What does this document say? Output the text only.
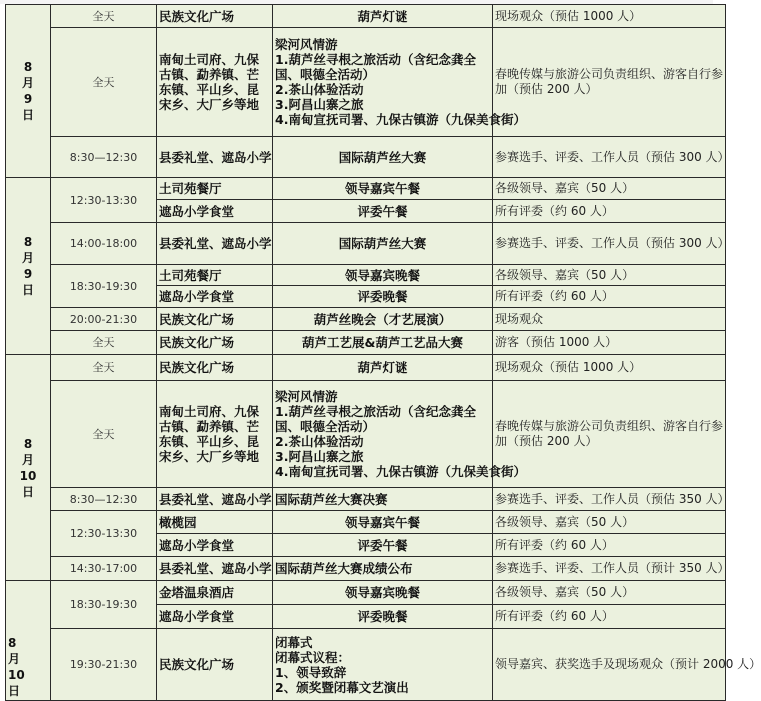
8
月
9
日	全天	民族文化广场	葫芦灯谜	现场观众（预估 1000 人）
	全天	南甸土司府、九保古镇、勐养镇、芒东镇、平山乡、昆宋乡、大厂乡等地	梁河风情游
1.葫芦丝寻根之旅活动（含纪念龚全国、哏德全活动）
2.茶山体验活动
3.阿昌山寨之旅
4.南甸宣抚司署、九保古镇游（九保美食街）	春晚传媒与旅游公司负责组织、游客自行参加（预估 200 人）
	8:30—12:30	县委礼堂、遮岛小学	国际葫芦丝大赛	参赛选手、评委、工作人员（预估 300 人）

8
月
9
日	12:30-13:30	土司苑餐厅	领导嘉宾午餐	各级领导、嘉宾（50 人）
		遮岛小学食堂	评委午餐	所有评委（约 60 人）
	14:00-18:00	县委礼堂、遮岛小学	国际葫芦丝大赛	参赛选手、评委、工作人员（预估 300 人）
	18:30-19:30	土司苑餐厅	领导嘉宾晚餐	各级领导、嘉宾（50 人）
		遮岛小学食堂	评委晚餐	所有评委（约 60 人）
	20:00-21:30	民族文化广场	葫芦丝晚会（才艺展演）	现场观众
	全天	民族文化广场	葫芦工艺展&葫芦工艺品大赛	游客（预估 1000 人）

8
月
10
日	全天	民族文化广场	葫芦灯谜	现场观众（预估 1000 人）
	全天	南甸土司府、九保古镇、勐养镇、芒东镇、平山乡、昆宋乡、大厂乡等地	梁河风情游
1.葫芦丝寻根之旅活动（含纪念龚全国、哏德全活动）
2.茶山体验活动
3.阿昌山寨之旅
4.南甸宣抚司署、九保古镇游（九保美食街）	春晚传媒与旅游公司负责组织、游客自行参加（预估 200 人）
	8:30—12:30	县委礼堂、遮岛小学	国际葫芦丝大赛决赛	参赛选手、评委、工作人员（预估 350 人）
	12:30-13:30	橄榄园	领导嘉宾午餐	各级领导、嘉宾（50 人）
		遮岛小学食堂	评委午餐	所有评委（约 60 人）
	14:30-17:00	县委礼堂、遮岛小学	国际葫芦丝大赛成绩公布	参赛选手、评委、工作人员（预计 350 人）

8
月
10
日	18:30-19:30	金塔温泉酒店	领导嘉宾晚餐	各级领导、嘉宾（50 人）
		遮岛小学食堂	评委晚餐	所有评委（约 60 人）
	19:30-21:30	民族文化广场	闭幕式
闭幕式议程：
1、领导致辞
2、颁奖暨闭幕文艺演出	领导嘉宾、获奖选手及现场观众（预计 2000 人）
